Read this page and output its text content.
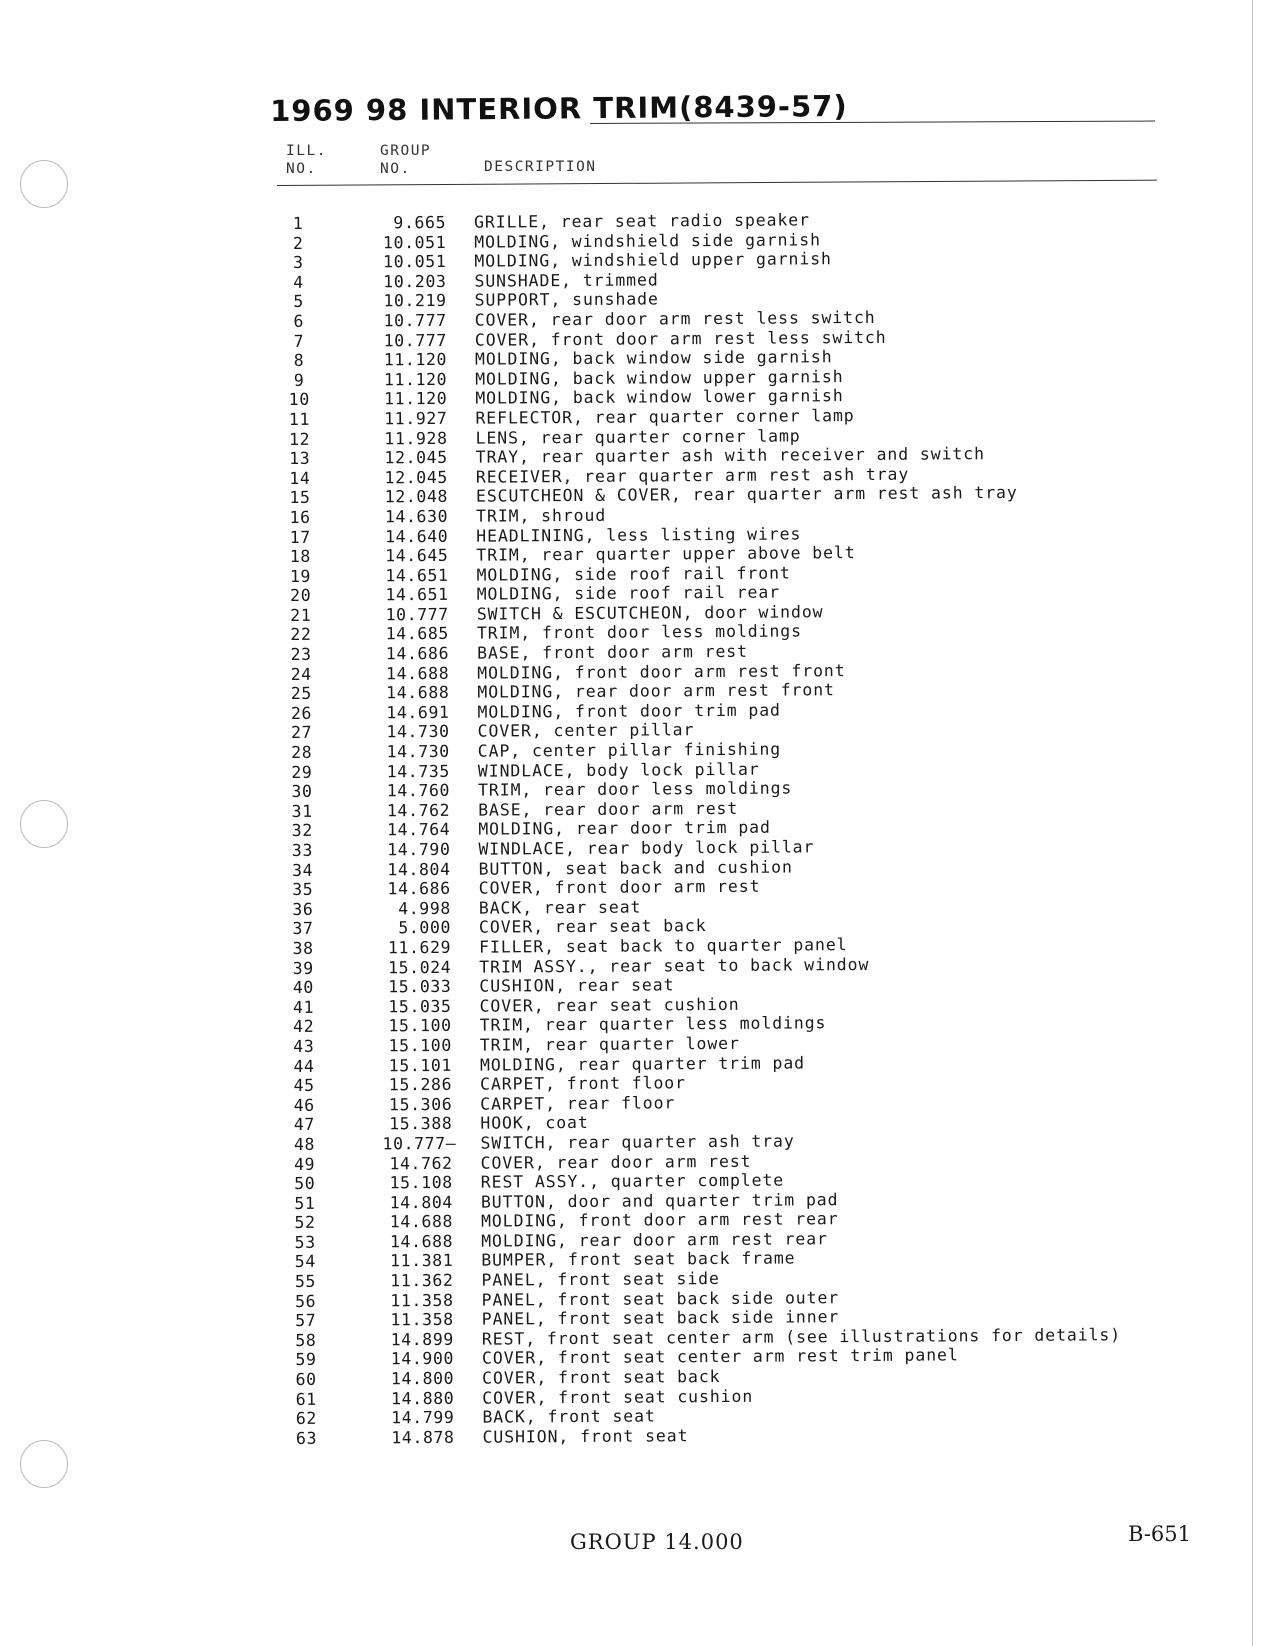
1969 98 INTERIOR TRIM(8439-57)
ILL.
NO.
GROUP
NO.	DESCRIPTION
1	9.665 GRILLE, rear seat radio speaker
2	10.051 MOLDING, windshield side garnish
3	10.051 MOLDING, windshield upper garnish
4	10.203 SUNSHADE, trimmed
5	10.219 SUPPORT, sunshade
6	10.777 COVER, rear door arm rest less switch
7	10.777 COVER, front door arm rest less switch
8	11.120 MOLDING, back window side garnish
9	11.120 MOLDING, back window upper garnish
10	11.120 MOLDING, back window lower garnish
11	11.927 REFLECTOR, rear quarter corner lamp
12	11.928 LENS, rear quarter corner lamp
13	12.045 TRAY, rear quarter ash with receiver and switch
14	12.045 RECEIVER, rear quarter arm rest ash tray
15	12.048 ESCUTCHEON & COVER, rear quarter arm rest ash tray
16	14.630 TRIM, shroud
17	14.640 HEADLINING, less listing wires
18	14.645 TRIM, rear quarter upper above belt
19	14.651 MOLDING, side roof rail front
20	14.651 MOLDING, side roof rail rear
21	10.777 SWITCH & ESCUTCHEON, door window
22	14.685 TRIM, front door less moldings
23	14.686 BASE, front door arm rest
24	14.688 MOLDING, front door arm rest front
25	14.688 MOLDING, rear door arm rest front
26	14.691 MOLDING, front door trim pad
27	14.730 COVER, center pillar
28	14.730 CAP, center pillar finishing
29	14.735 WINDLACE, body lock pillar
30	14.760 TRIM, rear door less moldings
31	14.762 BASE, rear door arm rest
32	14.764 MOLDING, rear door trim pad
33	14.790 WINDLACE, rear body lock pillar
34	14.804 BUTTON, seat back and cushion
35	14.686 COVER, front door arm rest
36	4.998 BACK, rear seat
37	5.000 COVER, rear seat back
38	11.629 FILLER, seat back to quarter panel
39	15.024 TRIM ASSY., rear seat to back window
40	15.033 CUSHION, rear seat
41	15.035 COVER, rear seat cushion
42	15.100 TRIM, rear quarter less moldings
43	15.100 TRIM, rear quarter lower
44	15.101 MOLDING, rear quarter trim pad
45	15.286 CARPET, front floor
46	15.306 CARPET, rear floor
47	15.388 HOOK, coat
48	10.777— SWITCH, rear quarter ash tray
49	14.762 COVER, rear door arm rest
50	15.108 REST ASSY., quarter complete
51	14.804 BUTTON, door and quarter trim pad
52	14.688 MOLDING, front door arm rest rear
53	14.688 MOLDING, rear door arm rest rear
54	11.381 BUMPER, front seat back frame
55	11.362 PANEL, front seat side
56	11.358 PANEL, front seat back side outer
57	11.358 PANEL, front seat back side inner
58	14.899 REST, front seat center arm (see illustrations for details)
59	14.900 COVER, front seat center arm rest trim panel
60	14.800 COVER, front seat back
61	14.880 COVER, front seat cushion
62	14.799 BACK, front seat
63	14.878 CUSHION, front seat
GROUP 14.000	B-651
